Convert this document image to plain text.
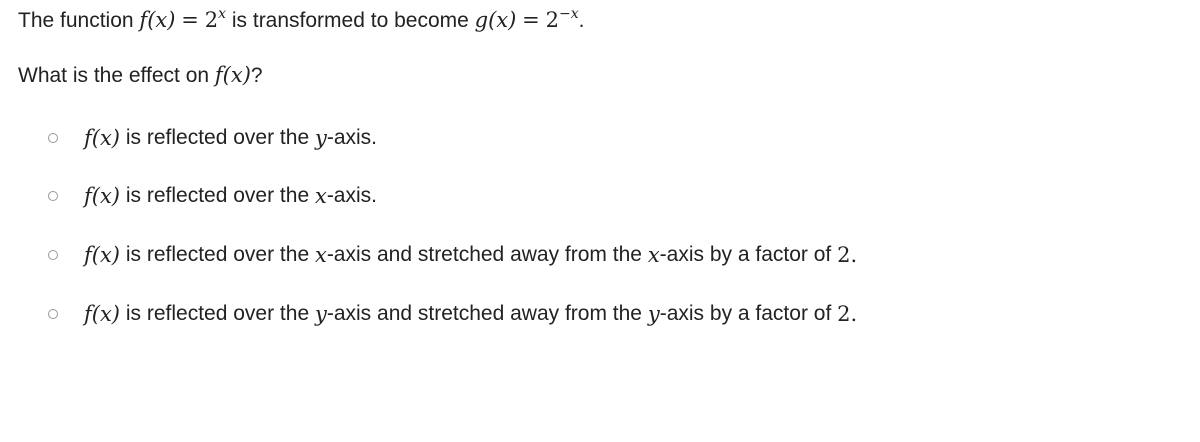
The function $f(x) = 2^x$ is transformed to become $g(x) = 2^{-x}$.
What is the effect on f(x)?
f(x)
is reflected over the
y -axis.
f(x)
is reflected over the
x -axis.
f(x)
is reflected over the
x -axis and stretched away from the
x -axis by a factor of
2.
f(x)
is reflected over the
y -axis and stretched away from the
y -axis by a factor of
2.
